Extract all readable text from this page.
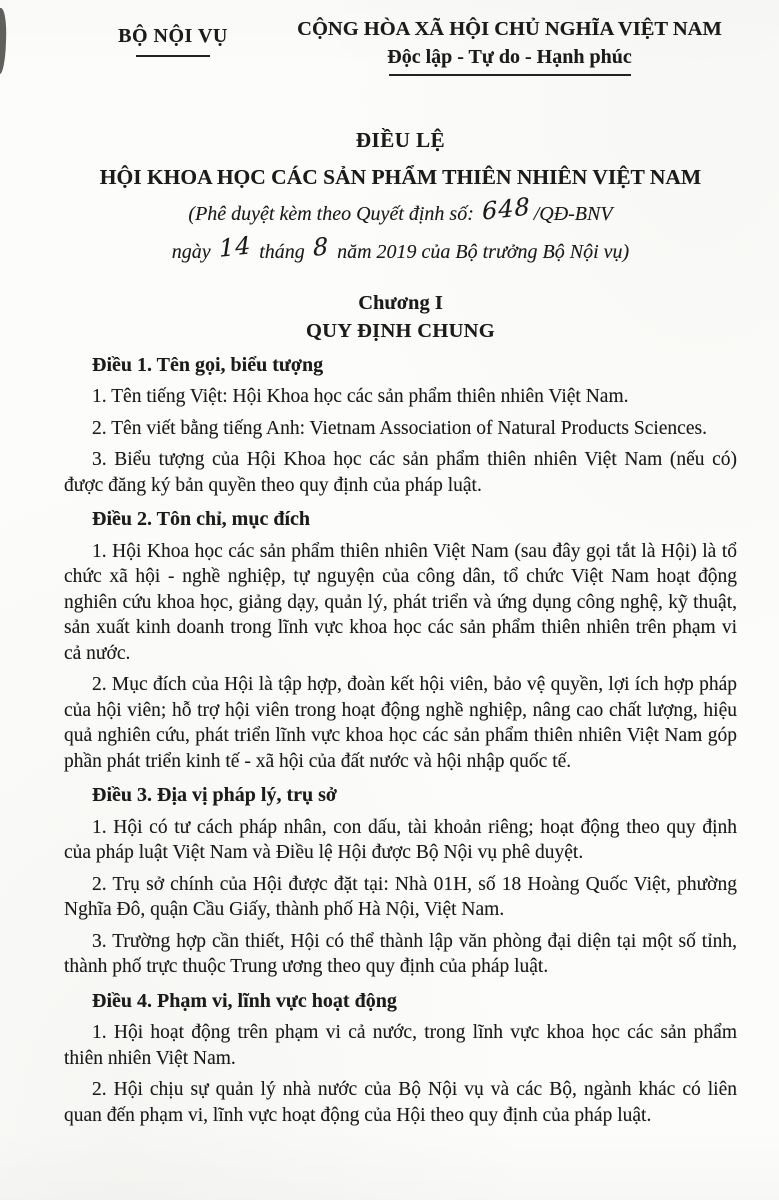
BỘ NỘI VỤ	CỘNG HÒA XÃ HỘI CHỦ NGHĨA VIỆT NAM
Độc lập - Tự do - Hạnh phúc
ĐIỀU LỆ
HỘI KHOA HỌC CÁC SẢN PHẨM THIÊN NHIÊN VIỆT NAM
(Phê duyệt kèm theo Quyết định số: 648 /QĐ-BNV
ngày 14 tháng 8 năm 2019 của Bộ trưởng Bộ Nội vụ)
Chương I
QUY ĐỊNH CHUNG
Điều 1. Tên gọi, biểu tượng

1. Tên tiếng Việt: Hội Khoa học các sản phẩm thiên nhiên Việt Nam.

2. Tên viết bằng tiếng Anh: Vietnam Association of Natural Products Sciences.

3. Biểu tượng của Hội Khoa học các sản phẩm thiên nhiên Việt Nam (nếu có) được đăng ký bản quyền theo quy định của pháp luật.

Điều 2. Tôn chỉ, mục đích

1. Hội Khoa học các sản phẩm thiên nhiên Việt Nam (sau đây gọi tắt là Hội) là tổ chức xã hội - nghề nghiệp, tự nguyện của công dân, tổ chức Việt Nam hoạt động nghiên cứu khoa học, giảng dạy, quản lý, phát triển và ứng dụng công nghệ, kỹ thuật, sản xuất kinh doanh trong lĩnh vực khoa học các sản phẩm thiên nhiên trên phạm vi cả nước.

2. Mục đích của Hội là tập hợp, đoàn kết hội viên, bảo vệ quyền, lợi ích hợp pháp của hội viên; hỗ trợ hội viên trong hoạt động nghề nghiệp, nâng cao chất lượng, hiệu quả nghiên cứu, phát triển lĩnh vực khoa học các sản phẩm thiên nhiên Việt Nam góp phần phát triển kinh tế - xã hội của đất nước và hội nhập quốc tế.

Điều 3. Địa vị pháp lý, trụ sở

1. Hội có tư cách pháp nhân, con dấu, tài khoản riêng; hoạt động theo quy định của pháp luật Việt Nam và Điều lệ Hội được Bộ Nội vụ phê duyệt.

2. Trụ sở chính của Hội được đặt tại: Nhà 01H, số 18 Hoàng Quốc Việt, phường Nghĩa Đô, quận Cầu Giấy, thành phố Hà Nội, Việt Nam.

3. Trường hợp cần thiết, Hội có thể thành lập văn phòng đại diện tại một số tỉnh, thành phố trực thuộc Trung ương theo quy định của pháp luật.

Điều 4. Phạm vi, lĩnh vực hoạt động

1. Hội hoạt động trên phạm vi cả nước, trong lĩnh vực khoa học các sản phẩm thiên nhiên Việt Nam.

2. Hội chịu sự quản lý nhà nước của Bộ Nội vụ và các Bộ, ngành khác có liên quan đến phạm vi, lĩnh vực hoạt động của Hội theo quy định của pháp luật.
